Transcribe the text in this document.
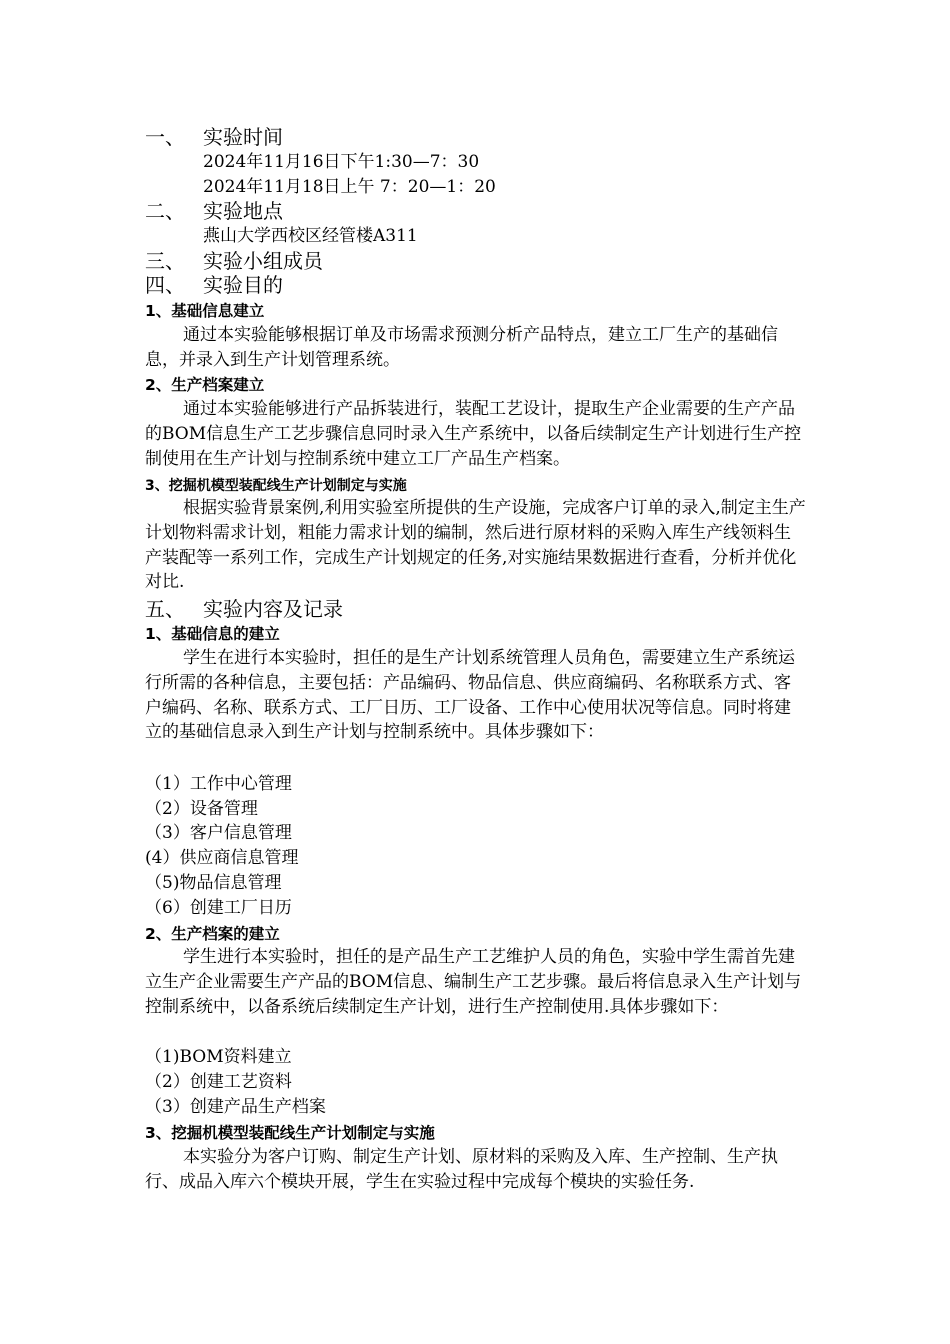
一、 实验时间
2024年11月16日下午1:30—7：30
2024年11月18日上午 7：20—1：20
二、 实验地点
燕山大学西校区经管楼A311
三、 实验小组成员
四、 实验目的
1、基础信息建立
通过本实验能够根据订单及市场需求预测分析产品特点，建立工厂生产的基础信息，并录入到生产计划管理系统。
2、生产档案建立
通过本实验能够进行产品拆装进行，装配工艺设计，提取生产企业需要的生产产品的BOM信息生产工艺步骤信息同时录入生产系统中，以备后续制定生产计划进行生产控制使用在生产计划与控制系统中建立工厂产品生产档案。
3、挖掘机模型装配线生产计划制定与实施
根据实验背景案例,利用实验室所提供的生产设施，完成客户订单的录入,制定主生产计划物料需求计划，粗能力需求计划的编制，然后进行原材料的采购入库生产线领料生产装配等一系列工作，完成生产计划规定的任务,对实施结果数据进行查看，分析并优化对比.
五、 实验内容及记录
1、基础信息的建立
学生在进行本实验时，担任的是生产计划系统管理人员角色，需要建立生产系统运行所需的各种信息，主要包括：产品编码、物品信息、供应商编码、名称联系方式、客户编码、名称、联系方式、工厂日历、工厂设备、工作中心使用状况等信息。同时将建立的基础信息录入到生产计划与控制系统中。具体步骤如下：
（1）工作中心管理
（2）设备管理
（3）客户信息管理
(4）供应商信息管理
（5)物品信息管理
（6）创建工厂日历
2、生产档案的建立
学生进行本实验时，担任的是产品生产工艺维护人员的角色，实验中学生需首先建立生产企业需要生产产品的BOM信息、编制生产工艺步骤。最后将信息录入生产计划与控制系统中，以备系统后续制定生产计划，进行生产控制使用.具体步骤如下：
（1)BOM资料建立
（2）创建工艺资料
（3）创建产品生产档案
3、挖掘机模型装配线生产计划制定与实施
本实验分为客户订购、制定生产计划、原材料的采购及入库、生产控制、生产执行、成品入库六个模块开展，学生在实验过程中完成每个模块的实验任务.
